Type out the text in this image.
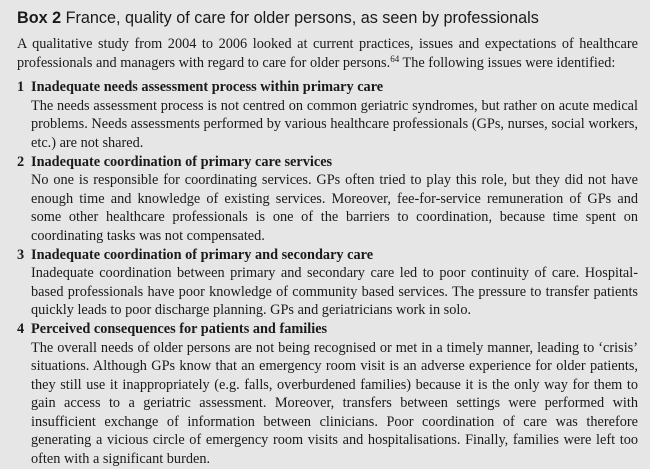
Box 2 France, quality of care for older persons, as seen by professionals

A qualitative study from 2004 to 2006 looked at current practices, issues and expectations of healthcare professionals and managers with regard to care for older persons.$^{64}$ The following issues were identified:

1 Inadequate needs assessment process within primary care

The needs assessment process is not centred on common geriatric syndromes, but rather on acute medical problems. Needs assessments performed by various healthcare professionals (GPs, nurses, social workers, etc.) are not shared.

2 Inadequate coordination of primary care services

No one is responsible for coordinating services. GPs often tried to play this role, but they did not have enough time and knowledge of existing services. Moreover, fee-for-service remuneration of GPs and some other healthcare professionals is one of the barriers to coordination, because time spent on coordinating tasks was not compensated.

3 Inadequate coordination of primary and secondary care

Inadequate coordination between primary and secondary care led to poor continuity of care. Hospital-based professionals have poor knowledge of community based services. The pressure to transfer patients quickly leads to poor discharge planning. GPs and geriatricians work in solo.

4 Perceived consequences for patients and families

The overall needs of older persons are not being recognised or met in a timely manner, leading to ‘crisis’ situations. Although GPs know that an emergency room visit is an adverse experience for older patients, they still use it inappropriately (e.g. falls, overburdened families) because it is the only way for them to gain access to a geriatric assessment. Moreover, transfers between settings were performed with insufficient exchange of information between clinicians. Poor coordination of care was therefore generating a vicious circle of emergency room visits and hospitalisations. Finally, families were left too often with a significant burden.
